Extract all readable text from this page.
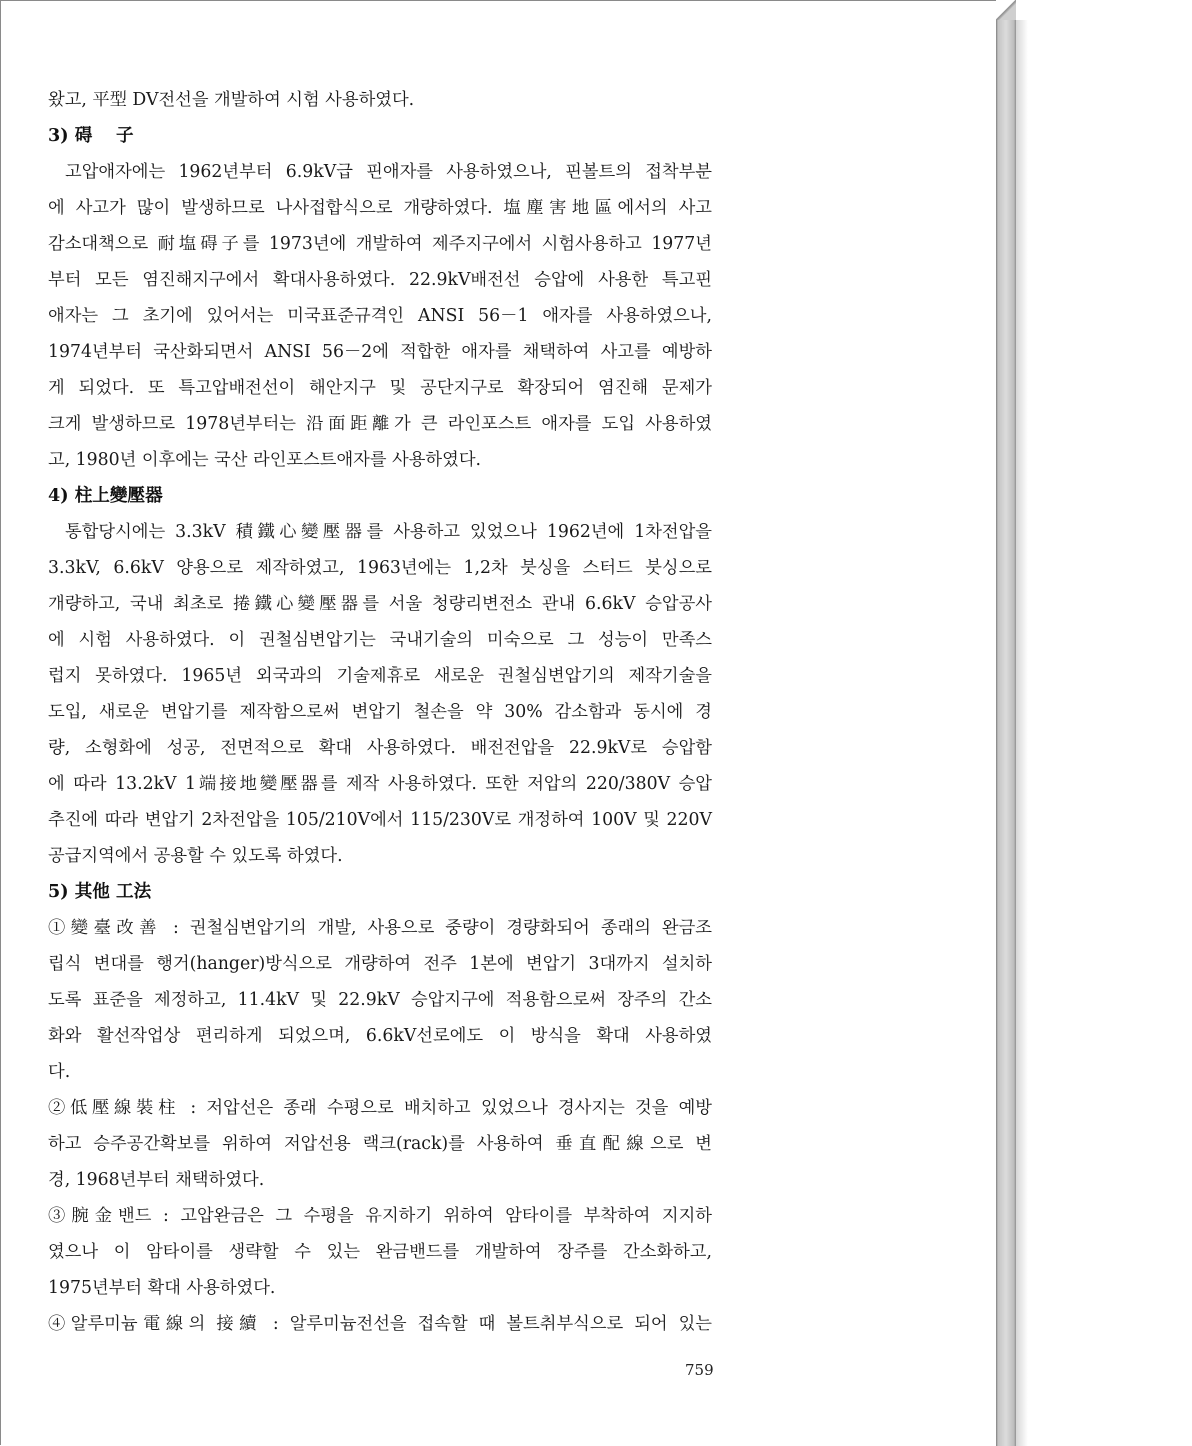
왔고, 平型 DV전선을 개발하여 시험 사용하였다.
3) 碍　 子
고압애자에는 1962년부터 6.9kV급 핀애자를 사용하였으나, 핀볼트의 접착부분
에 사고가 많이 발생하므로 나사접합식으로 개량하였다. 塩塵害地區에서의 사고
감소대책으로 耐塩碍子를 1973년에 개발하여 제주지구에서 시험사용하고 1977년
부터 모든 염진해지구에서 확대사용하였다. 22.9kV배전선 승압에 사용한 특고핀
애자는 그 초기에 있어서는 미국표준규격인 ANSI 56－1 애자를 사용하였으나,
1974년부터 국산화되면서 ANSI 56－2에 적합한 애자를 채택하여 사고를 예방하
게 되었다. 또 특고압배전선이 해안지구 및 공단지구로 확장되어 염진해 문제가
크게 발생하므로 1978년부터는 沿面距離가 큰 라인포스트 애자를 도입 사용하였
고, 1980년 이후에는 국산 라인포스트애자를 사용하였다.
4) 柱上變壓器
통합당시에는 3.3kV 積鐵心變壓器를 사용하고 있었으나 1962년에 1차전압을
3.3kV, 6.6kV 양용으로 제작하였고, 1963년에는 1,2차 붓싱을 스터드 붓싱으로
개량하고, 국내 최초로 捲鐵心變壓器를 서울 청량리변전소 관내 6.6kV 승압공사
에 시험 사용하였다. 이 권철심변압기는 국내기술의 미숙으로 그 성능이 만족스
럽지 못하였다. 1965년 외국과의 기술제휴로 새로운 권철심변압기의 제작기술을
도입, 새로운 변압기를 제작함으로써 변압기 철손을 약 30% 감소함과 동시에 경
량, 소형화에 성공, 전면적으로 확대 사용하였다. 배전전압을 22.9kV로 승압함
에 따라 13.2kV 1端接地變壓器를 제작 사용하였다. 또한 저압의 220/380V 승압
추진에 따라 변압기 2차전압을 105/210V에서 115/230V로 개정하여 100V 및 220V
공급지역에서 공용할 수 있도록 하였다.
5) 其他 工法
①變臺改善 : 권철심변압기의 개발, 사용으로 중량이 경량화되어 종래의 완금조
립식 변대를 행거(hanger)방식으로 개량하여 전주 1본에 변압기 3대까지 설치하
도록 표준을 제정하고, 11.4kV 및 22.9kV 승압지구에 적용함으로써 장주의 간소
화와 활선작업상 편리하게 되었으며, 6.6kV선로에도 이 방식을 확대 사용하였
다.
②低壓線裝柱 : 저압선은 종래 수평으로 배치하고 있었으나 경사지는 것을 예방
하고 승주공간확보를 위하여 저압선용 랙크(rack)를 사용하여 垂直配線으로 변
경, 1968년부터 채택하였다.
③腕金밴드 : 고압완금은 그 수평을 유지하기 위하여 암타이를 부착하여 지지하
였으나 이 암타이를 생략할 수 있는 완금밴드를 개발하여 장주를 간소화하고,
1975년부터 확대 사용하였다.
④알루미늄電線의 接續 : 알루미늄전선을 접속할 때 볼트취부식으로 되어 있는
759
